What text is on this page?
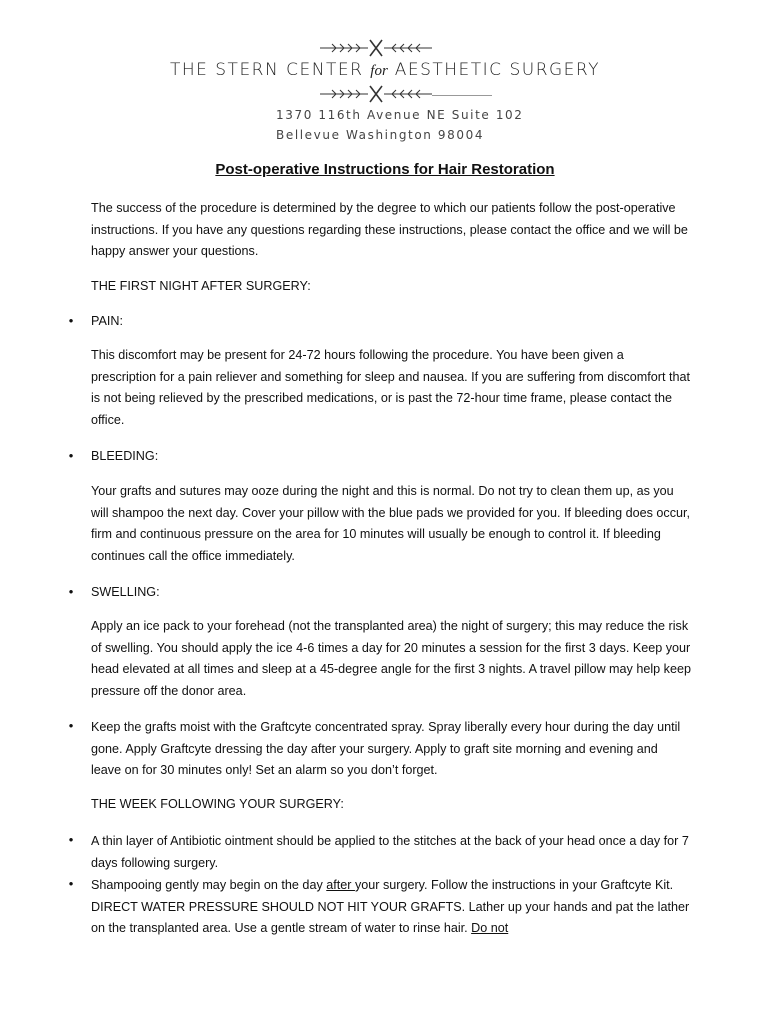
THE STERN CENTER for AESTHETIC SURGERY
1370 116th Avenue NE Suite 102
Bellevue Washington 98004
Post-operative Instructions for Hair Restoration
The success of the procedure is determined by the degree to which our patients follow the post-operative instructions. If you have any questions regarding these instructions, please contact the office and we will be happy answer your questions.
THE FIRST NIGHT AFTER SURGERY:
• PAIN:
This discomfort may be present for 24-72 hours following the procedure. You have been given a prescription for a pain reliever and something for sleep and nausea. If you are suffering from discomfort that is not being relieved by the prescribed medications, or is past the 72-hour time frame, please contact the office.
• BLEEDING:
Your grafts and sutures may ooze during the night and this is normal. Do not try to clean them up, as you will shampoo the next day. Cover your pillow with the blue pads we provided for you. If bleeding does occur, firm and continuous pressure on the area for 10 minutes will usually be enough to control it. If bleeding continues call the office immediately.
• SWELLING:
Apply an ice pack to your forehead (not the transplanted area) the night of surgery; this may reduce the risk of swelling. You should apply the ice 4-6 times a day for 20 minutes a session for the first 3 days. Keep your head elevated at all times and sleep at a 45-degree angle for the first 3 nights. A travel pillow may help keep pressure off the donor area.
• Keep the grafts moist with the Graftcyte concentrated spray. Spray liberally every hour during the day until gone. Apply Graftcyte dressing the day after your surgery. Apply to graft site morning and evening and leave on for 30 minutes only! Set an alarm so you don’t forget.
THE WEEK FOLLOWING YOUR SURGERY:
• A thin layer of Antibiotic ointment should be applied to the stitches at the back of your head once a day for 7 days following surgery.
• Shampooing gently may begin on the day after your surgery. Follow the instructions in your Graftcyte Kit. DIRECT WATER PRESSURE SHOULD NOT HIT YOUR GRAFTS. Lather up your hands and pat the lather on the transplanted area. Use a gentle stream of water to rinse hair. Do not
